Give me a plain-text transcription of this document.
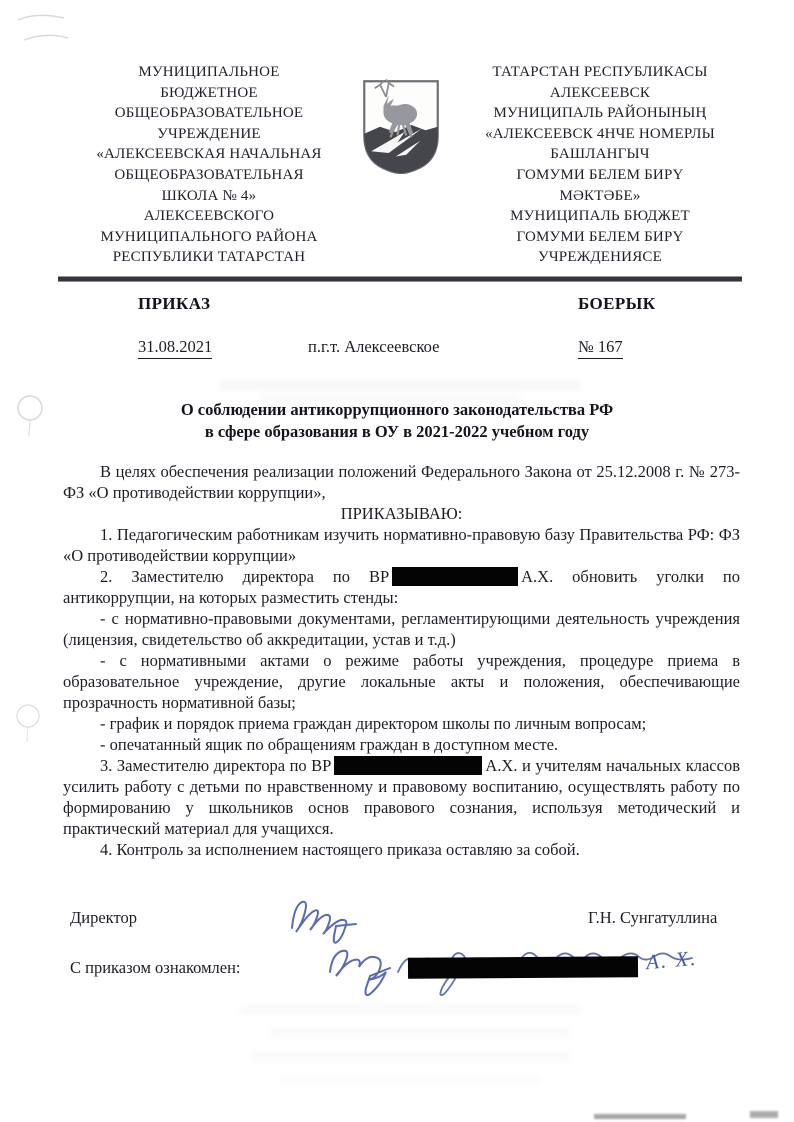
МУНИЦИПАЛЬНОЕ
БЮДЖЕТНОЕ
ОБЩЕОБРАЗОВАТЕЛЬНОЕ
УЧРЕЖДЕНИЕ
«АЛЕКСЕЕВСКАЯ НАЧАЛЬНАЯ
ОБЩЕОБРАЗОВАТЕЛЬНАЯ
ШКОЛА № 4»
АЛЕКСЕЕВСКОГО
МУНИЦИПАЛЬНОГО РАЙОНА
РЕСПУБЛИКИ ТАТАРСТАН
ТАТАРСТАН РЕСПУБЛИКАСЫ
АЛЕКСЕЕВСК
МУНИЦИПАЛЬ РАЙОНЫНЫҢ
«АЛЕКСЕЕВСК 4НЧЕ НОМЕРЛЫ
БАШЛАНГЫЧ
ГОМУМИ БЕЛЕМ БИРҮ
МӘКТӘБЕ»
МУНИЦИПАЛЬ БЮДЖЕТ
ГОМУМИ БЕЛЕМ БИРҮ
УЧРЕЖДЕНИЯСЕ
ПРИКАЗ	БОЕРЫК
31.08.2021	п.г.т. Алексеевское	№ 167
О соблюдении антикоррупционного законодательства РФ
в сфере образования в ОУ в 2021-2022 учебном году

В целях обеспечения реализации положений Федерального Закона от 25.12.2008 г. № 273-ФЗ «О противодействии коррупции»,

ПРИКАЗЫВАЮ:

1. Педагогическим работникам изучить нормативно-правовую базу Правительства РФ: ФЗ «О противодействии коррупции»

2. Заместителю директора по ВР	А.Х. обновить уголки по антикоррупции, на которых разместить стенды:

- с нормативно-правовыми документами, регламентирующими деятельность учреждения (лицензия, свидетельство об аккредитации, устав и т.д.)

- с нормативными актами о режиме работы учреждения, процедуре приема в образовательное учреждение, другие локальные акты и положения, обеспечивающие прозрачность нормативной базы;

- график и порядок приема граждан директором школы по личным вопросам;

- опечатанный ящик по обращениям граждан в доступном месте.

3. Заместителю директора по ВР	А.Х. и учителям начальных классов усилить работу с детьми по нравственному и правовому воспитанию, осуществлять работу по формированию у школьников основ правового сознания, используя методический и практический материал для учащихся.

4. Контроль за исполнением настоящего приказа оставляю за собой.

Директор	Г.Н. Сунгатуллина
С приказом ознакомлен:	А. Х.
